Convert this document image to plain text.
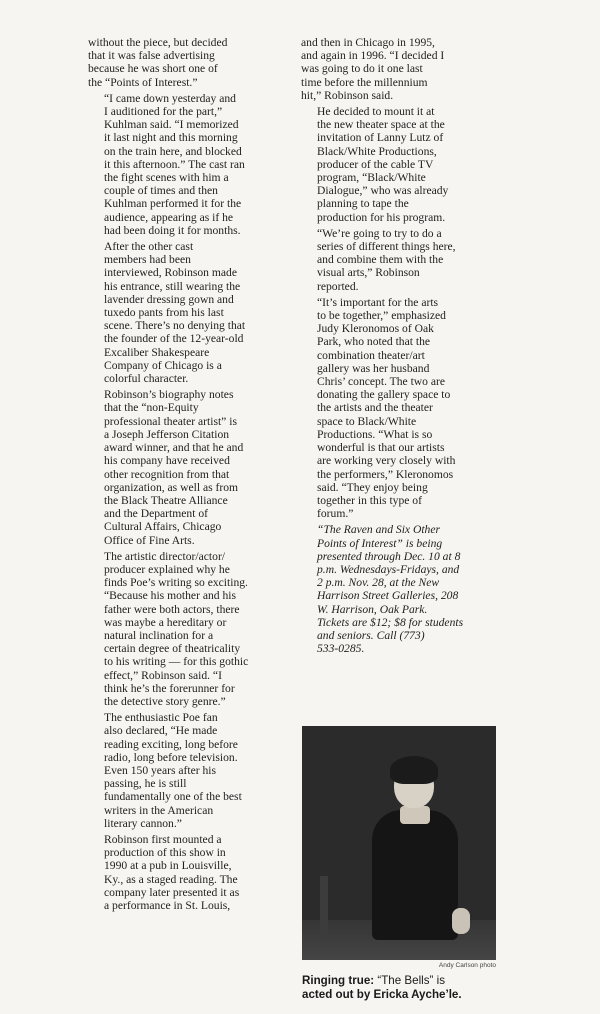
without the piece, but decided
that it was false advertising
because he was short one of
the “Points of Interest.”

“I came down yesterday and
I auditioned for the part,”
Kuhlman said. “I memorized
it last night and this morning
on the train here, and blocked
it this afternoon.” The cast ran
the fight scenes with him a
couple of times and then
Kuhlman performed it for the
audience, appearing as if he
had been doing it for months.

After the other cast
members had been
interviewed, Robinson made
his entrance, still wearing the
lavender dressing gown and
tuxedo pants from his last
scene. There’s no denying that
the founder of the 12-year-old
Excaliber Shakespeare
Company of Chicago is a
colorful character.

Robinson’s biography notes
that the “non-Equity
professional theater artist” is
a Joseph Jefferson Citation
award winner, and that he and
his company have received
other recognition from that
organization, as well as from
the Black Theatre Alliance
and the Department of
Cultural Affairs, Chicago
Office of Fine Arts.

The artistic director/actor/
producer explained why he
finds Poe’s writing so exciting.
“Because his mother and his
father were both actors, there
was maybe a hereditary or
natural inclination for a
certain degree of theatricality
to his writing — for this gothic
effect,” Robinson said. “I
think he’s the forerunner for
the detective story genre.”

The enthusiastic Poe fan
also declared, “He made
reading exciting, long before
radio, long before television.
Even 150 years after his
passing, he is still
fundamentally one of the best
writers in the American
literary cannon.”

Robinson first mounted a
production of this show in
1990 at a pub in Louisville,
Ky., as a staged reading. The
company later presented it as
a performance in St. Louis,

and then in Chicago in 1995,
and again in 1996. “I decided I
was going to do it one last
time before the millennium
hit,” Robinson said.

He decided to mount it at
the new theater space at the
invitation of Lanny Lutz of
Black/White Productions,
producer of the cable TV
program, “Black/White
Dialogue,” who was already
planning to tape the
production for his program.

“We’re going to try to do a
series of different things here,
and combine them with the
visual arts,” Robinson
reported.

“It’s important for the arts
to be together,” emphasized
Judy Kleronomos of Oak
Park, who noted that the
combination theater/art
gallery was her husband
Chris’ concept. The two are
donating the gallery space to
the artists and the theater
space to Black/White
Productions. “What is so
wonderful is that our artists
are working very closely with
the performers,” Kleronomos
said. “They enjoy being
together in this type of
forum.”

“The Raven and Six Other
Points of Interest” is being
presented through Dec. 10 at 8
p.m. Wednesdays-Fridays, and
2 p.m. Nov. 28, at the New
Harrison Street Galleries, 208
W. Harrison, Oak Park.
Tickets are $12; $8 for students
and seniors. Call (773)
533-0285.

Andy Carlson photo
Ringing true: “The Bells” is
acted out by Ericka Ayche’le.
